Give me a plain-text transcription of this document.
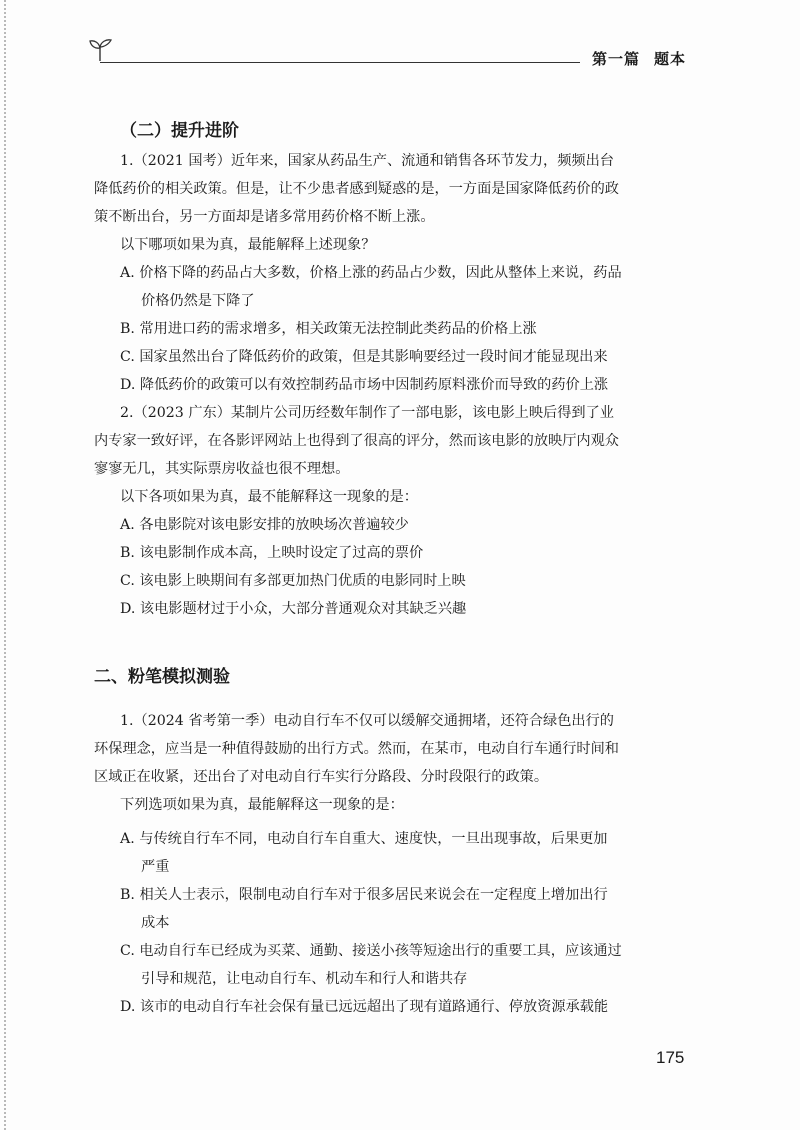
第一篇 题本
（二）提升进阶
1.（2021 国考）近年来，国家从药品生产、流通和销售各环节发力，频频出台
降低药价的相关政策。但是，让不少患者感到疑惑的是，一方面是国家降低药价的政
策不断出台，另一方面却是诸多常用药价格不断上涨。
以下哪项如果为真，最能解释上述现象？
A. 价格下降的药品占大多数，价格上涨的药品占少数，因此从整体上来说，药品
价格仍然是下降了
B. 常用进口药的需求增多，相关政策无法控制此类药品的价格上涨
C. 国家虽然出台了降低药价的政策，但是其影响要经过一段时间才能显现出来
D. 降低药价的政策可以有效控制药品市场中因制药原料涨价而导致的药价上涨
2.（2023 广东）某制片公司历经数年制作了一部电影，该电影上映后得到了业
内专家一致好评，在各影评网站上也得到了很高的评分，然而该电影的放映厅内观众
寥寥无几，其实际票房收益也很不理想。
以下各项如果为真，最不能解释这一现象的是：
A. 各电影院对该电影安排的放映场次普遍较少
B. 该电影制作成本高，上映时设定了过高的票价
C. 该电影上映期间有多部更加热门优质的电影同时上映
D. 该电影题材过于小众，大部分普通观众对其缺乏兴趣
二、粉笔模拟测验
1.（2024 省考第一季）电动自行车不仅可以缓解交通拥堵，还符合绿色出行的
环保理念，应当是一种值得鼓励的出行方式。然而，在某市，电动自行车通行时间和
区域正在收紧，还出台了对电动自行车实行分路段、分时段限行的政策。
下列选项如果为真，最能解释这一现象的是：
A. 与传统自行车不同，电动自行车自重大、速度快，一旦出现事故，后果更加
严重
B. 相关人士表示，限制电动自行车对于很多居民来说会在一定程度上增加出行
成本
C. 电动自行车已经成为买菜、通勤、接送小孩等短途出行的重要工具，应该通过
引导和规范，让电动自行车、机动车和行人和谐共存
D. 该市的电动自行车社会保有量已远远超出了现有道路通行、停放资源承载能
175
